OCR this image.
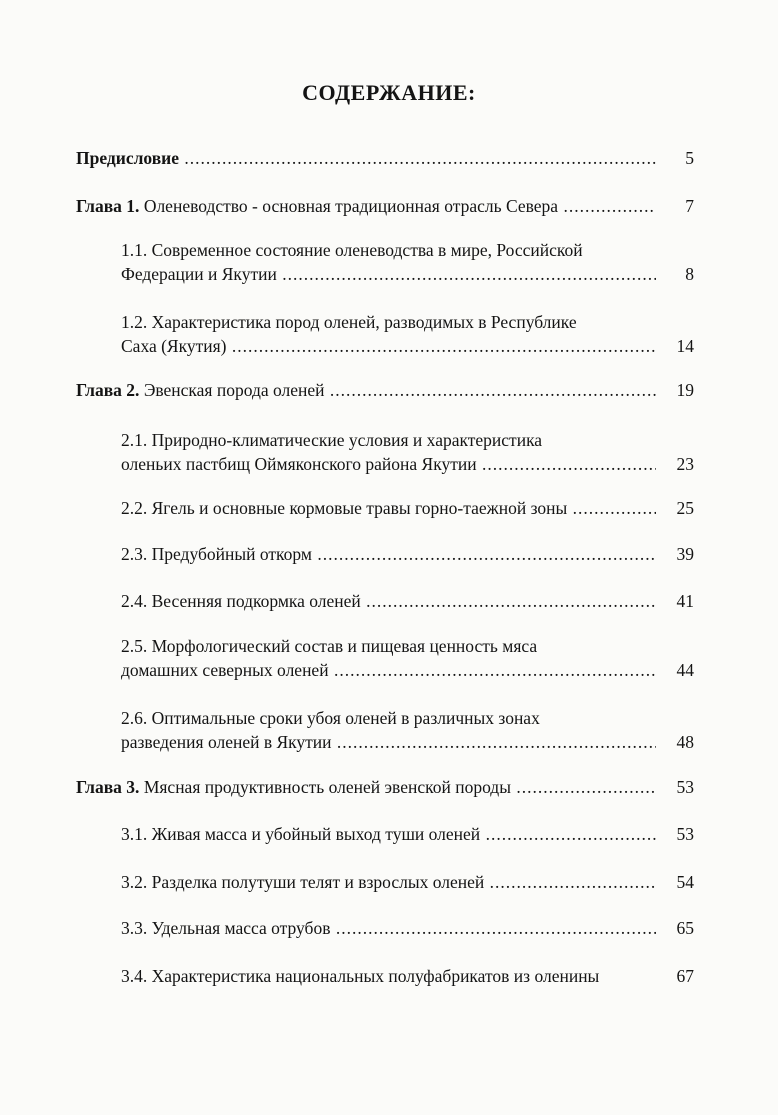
СОДЕРЖАНИЕ:
Предисловие .....	5
Глава 1. Оленеводство - основная традиционная отрасль Севера .....	7
1.1. Современное состояние оленеводства в мире, Российской
Федерации и Якутии .....	8
1.2. Характеристика пород оленей, разводимых в Республике
Саха (Якутия) .....	14
Глава 2. Эвенская порода оленей .....	19
2.1. Природно-климатические условия и характеристика
оленьих пастбищ Оймяконского района Якутии .....	23
2.2. Ягель и основные кормовые травы горно-таежной зоны .....	25
2.3. Предубойный откорм .....	39
2.4. Весенняя подкормка оленей .....	41
2.5. Морфологический состав и пищевая ценность мяса
домашних северных оленей .....	44
2.6. Оптимальные сроки убоя оленей в различных зонах
разведения оленей в Якутии .....	48
Глава 3. Мясная продуктивность оленей эвенской породы .....	53
3.1. Живая масса и убойный выход туши оленей .....	53
3.2. Разделка полутуши телят и взрослых оленей .....	54
3.3. Удельная масса отрубов .....	65
3.4. Характеристика национальных полуфабрикатов из оленины	67
